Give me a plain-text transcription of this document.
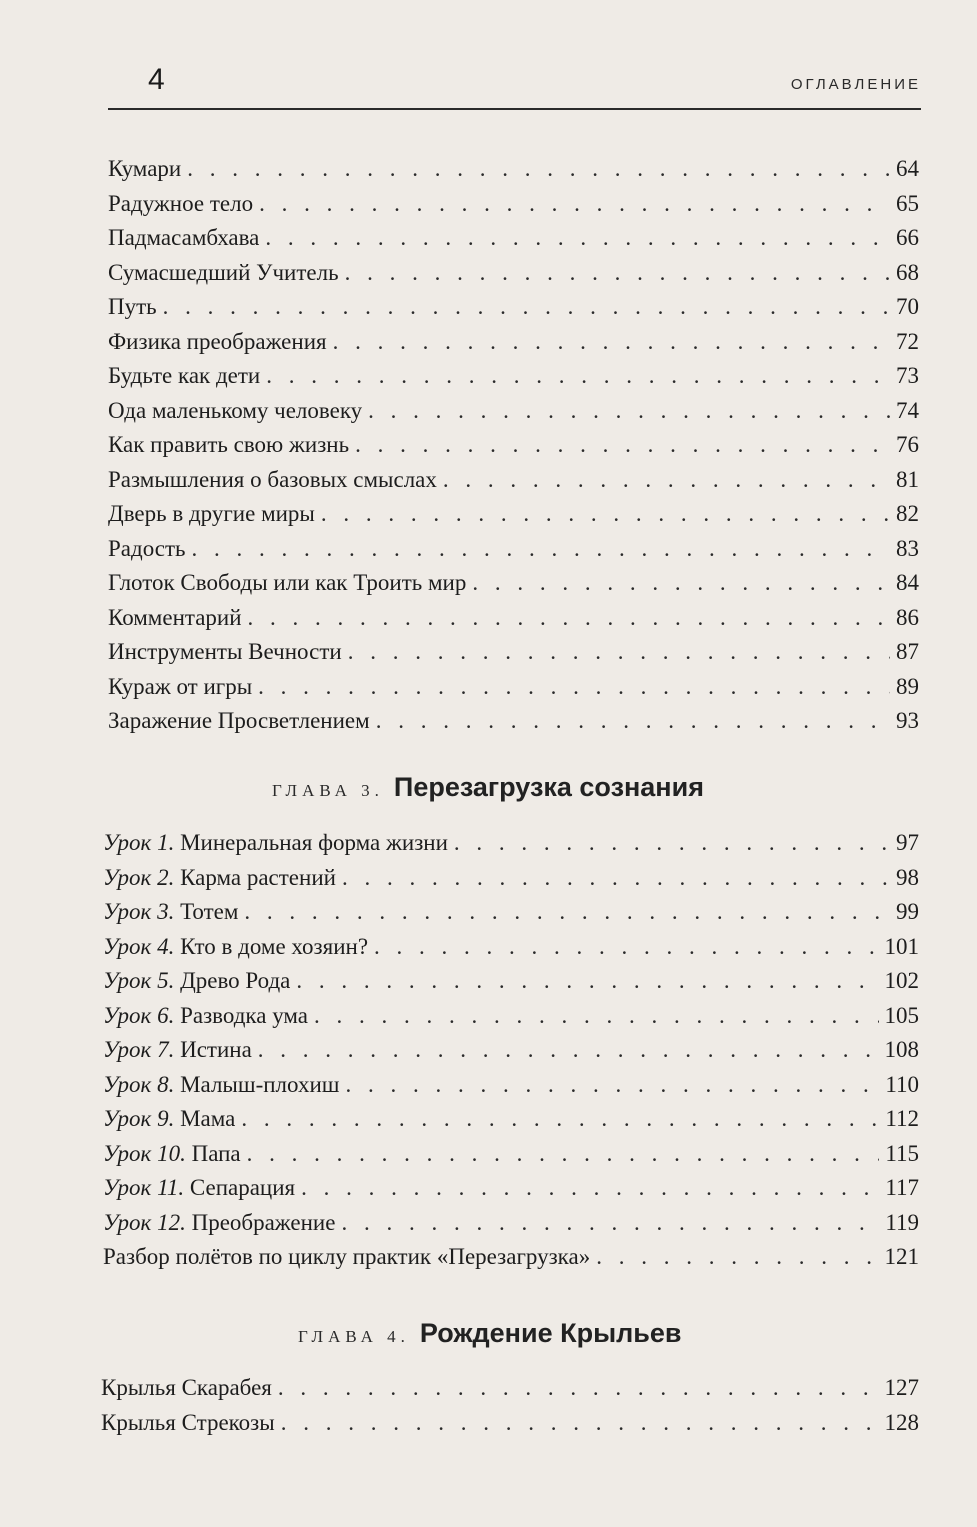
4	ОГЛАВЛЕНИЕ
Кумари . . .	64
Радужное тело . . .	65
Падмасамбхава . . .	66
Сумасшедший Учитель . . .	68
Путь . . .	70
Физика преображения . . .	72
Будьте как дети . . .	73
Ода маленькому человеку . . .	74
Как править свою жизнь . . .	76
Размышления о базовых смыслах . . .	81
Дверь в другие миры . . .	82
Радость . . .	83
Глоток Свободы или как Троить мир . . .	84
Комментарий . . .	86
Инструменты Вечности . . .	87
Кураж от игры . . .	89
Заражение Просветлением . . .	93
ГЛАВА 3. Перезагрузка сознания
Урок 1. Минеральная форма жизни . . .	97
Урок 2. Карма растений . . .	98
Урок 3. Тотем . . .	99
Урок 4. Кто в доме хозяин? . . .	101
Урок 5. Древо Рода . . .	102
Урок 6. Разводка ума . . .	105
Урок 7. Истина . . .	108
Урок 8. Малыш-плохиш . . .	110
Урок 9. Мама . . .	112
Урок 10. Папа . . .	115
Урок 11. Сепарация . . .	117
Урок 12. Преображение . . .	119
Разбор полётов по циклу практик «Перезагрузка» . . .	121
ГЛАВА 4. Рождение Крыльев
Крылья Скарабея . . .	127
Крылья Стрекозы . . .	128
